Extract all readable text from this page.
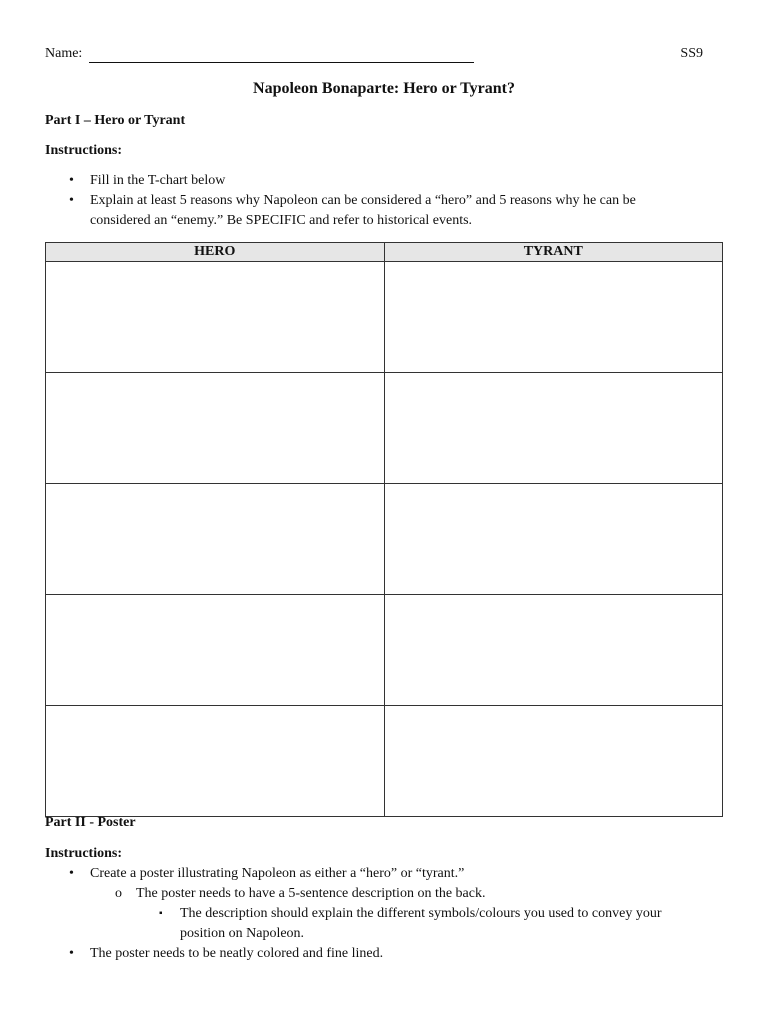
Name:	SS9
Napoleon Bonaparte: Hero or Tyrant?
Part I – Hero or Tyrant
Instructions:
• Fill in the T-chart below
• Explain at least 5 reasons why Napoleon can be considered a “hero” and 5 reasons why he can be considered an “enemy.” Be SPECIFIC and refer to historical events.
HERO	TYRANT

Part II - Poster
Instructions:
• Create a poster illustrating Napoleon as either a “hero” or “tyrant.”
o The poster needs to have a 5-sentence description on the back.
▪ The description should explain the different symbols/colours you used to convey your position on Napoleon.
• The poster needs to be neatly colored and fine lined.
